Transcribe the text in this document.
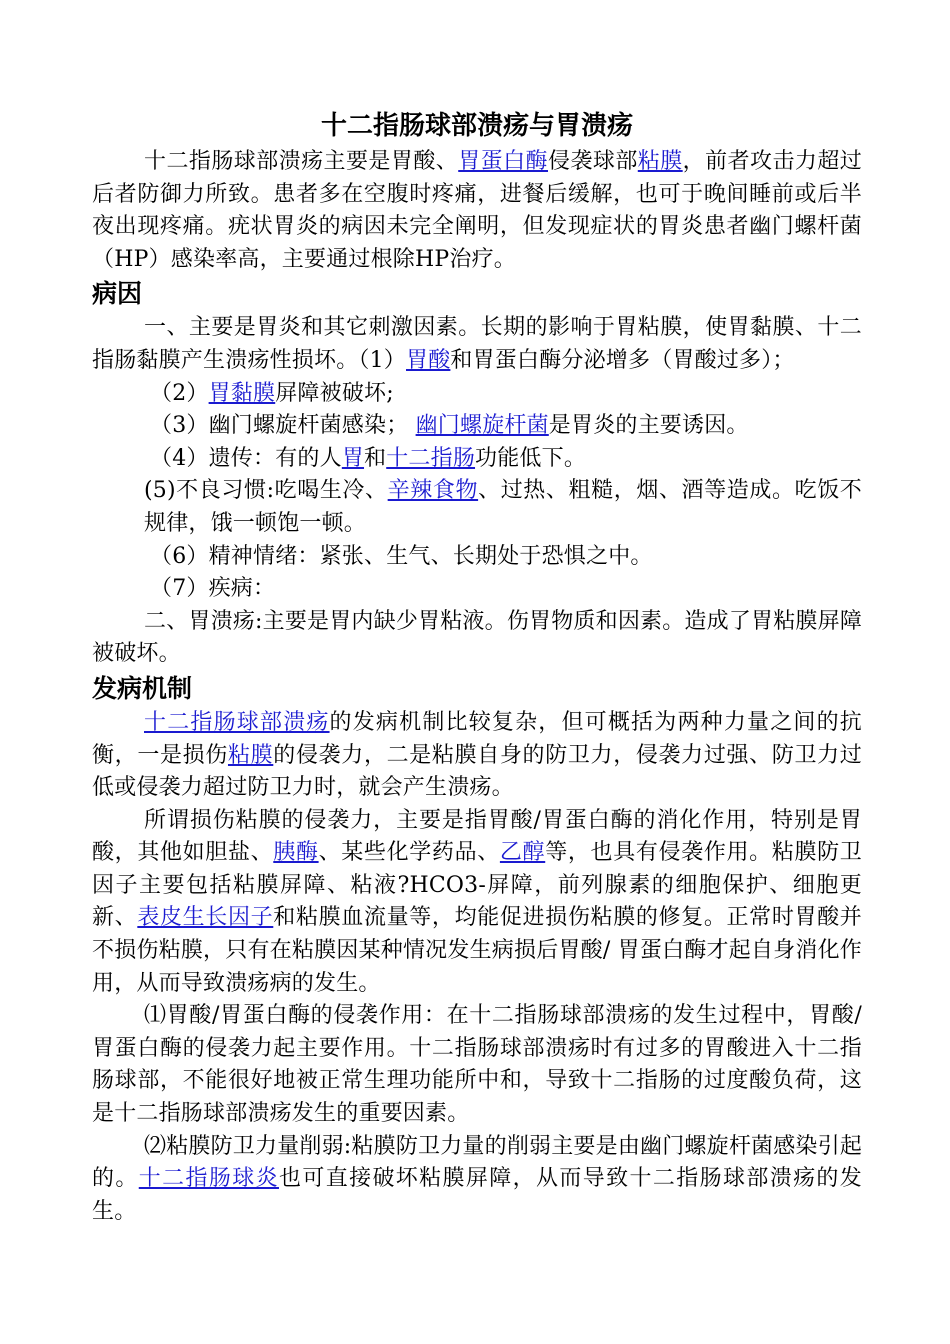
十二指肠球部溃疡与胃溃疡

十二指肠球部溃疡主要是胃酸、胃蛋白酶侵袭球部粘膜，前者攻击力超过后者防御力所致。患者多在空腹时疼痛，进餐后缓解，也可于晚间睡前或后半夜出现疼痛。疣状胃炎的病因未完全阐明，但发现症状的胃炎患者幽门螺杆菌（HP）感染率高，主要通过根除HP治疗。

病因

一、主要是胃炎和其它刺激因素。长期的影响于胃粘膜，使胃黏膜、十二指肠黏膜产生溃疡性损坏。（1）胃酸和胃蛋白酶分泌增多（胃酸过多）；

（2）胃黏膜屏障被破坏;

（3）幽门螺旋杆菌感染； 幽门螺旋杆菌是胃炎的主要诱因。

（4）遗传：有的人胃和十二指肠功能低下。

(5)不良习惯:吃喝生冷、辛辣食物、过热、粗糙，烟、酒等造成。吃饭不规律，饿一顿饱一顿。

（6）精神情绪：紧张、生气、长期处于恐惧之中。

（7）疾病：

二、胃溃疡:主要是胃内缺少胃粘液。伤胃物质和因素。造成了胃粘膜屏障被破坏。

发病机制

十二指肠球部溃疡的发病机制比较复杂，但可概括为两种力量之间的抗衡，一是损伤粘膜的侵袭力，二是粘膜自身的防卫力，侵袭力过强、防卫力过低或侵袭力超过防卫力时，就会产生溃疡。

所谓损伤粘膜的侵袭力，主要是指胃酸/胃蛋白酶的消化作用，特别是胃酸，其他如胆盐、胰酶、某些化学药品、乙醇等，也具有侵袭作用。粘膜防卫因子主要包括粘膜屏障、粘液?HCO3-屏障，前列腺素的细胞保护、细胞更新、表皮生长因子和粘膜血流量等，均能促进损伤粘膜的修复。正常时胃酸并不损伤粘膜，只有在粘膜因某种情况发生病损后胃酸/ 胃蛋白酶才起自身消化作用，从而导致溃疡病的发生。

⑴胃酸/胃蛋白酶的侵袭作用：在十二指肠球部溃疡的发生过程中，胃酸/胃蛋白酶的侵袭力起主要作用。十二指肠球部溃疡时有过多的胃酸进入十二指肠球部，不能很好地被正常生理功能所中和，导致十二指肠的过度酸负荷，这是十二指肠球部溃疡发生的重要因素。

⑵粘膜防卫力量削弱:粘膜防卫力量的削弱主要是由幽门螺旋杆菌感染引起的。十二指肠球炎也可直接破坏粘膜屏障，从而导致十二指肠球部溃疡的发生。
